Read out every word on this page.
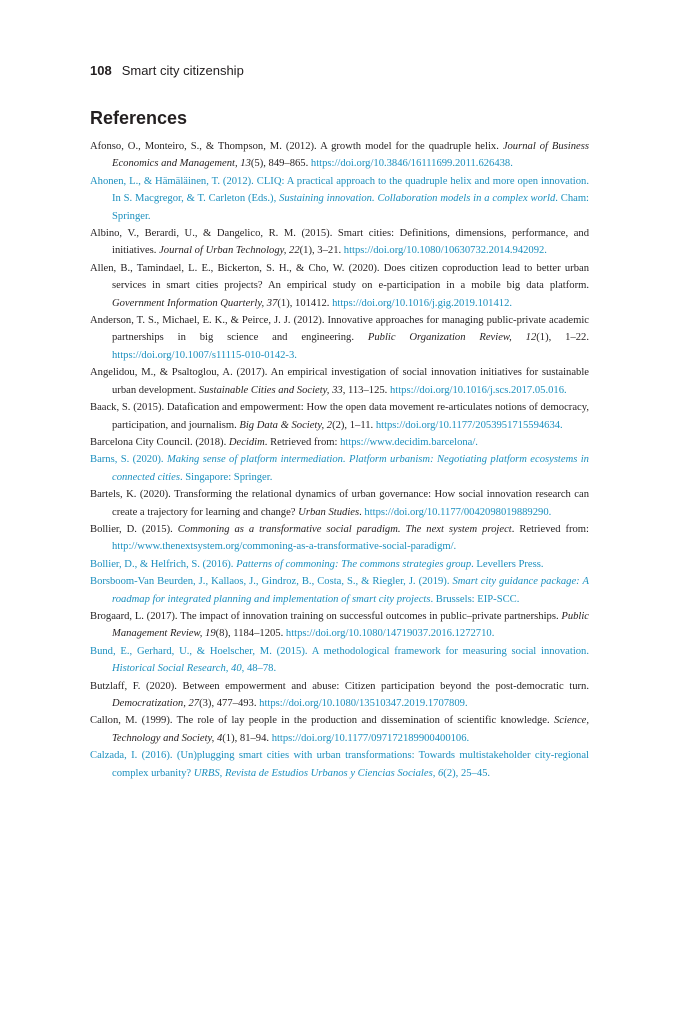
108 Smart city citizenship
References

Afonso, O., Monteiro, S., & Thompson, M. (2012). A growth model for the quadruple helix. Journal of Business Economics and Management, 13(5), 849–865. https://doi.org/10.3846/16111699.2011.626438.

Ahonen, L., & Hämäläinen, T. (2012). CLIQ: A practical approach to the quadruple helix and more open innovation. In S. Macgregor, & T. Carleton (Eds.), Sustaining innovation. Collaboration models in a complex world. Cham: Springer.

Albino, V., Berardi, U., & Dangelico, R. M. (2015). Smart cities: Definitions, dimensions, performance, and initiatives. Journal of Urban Technology, 22(1), 3–21. https://doi.org/10.1080/10630732.2014.942092.

Allen, B., Tamindael, L. E., Bickerton, S. H., & Cho, W. (2020). Does citizen coproduction lead to better urban services in smart cities projects? An empirical study on e-participation in a mobile big data platform. Government Information Quarterly, 37(1), 101412. https://doi.org/10.1016/j.gig.2019.101412.

Anderson, T. S., Michael, E. K., & Peirce, J. J. (2012). Innovative approaches for managing public-private academic partnerships in big science and engineering. Public Organization Review, 12(1), 1–22. https://doi.org/10.1007/s11115-010-0142-3.

Angelidou, M., & Psaltoglou, A. (2017). An empirical investigation of social innovation initiatives for sustainable urban development. Sustainable Cities and Society, 33, 113–125. https://doi.org/10.1016/j.scs.2017.05.016.

Baack, S. (2015). Datafication and empowerment: How the open data movement re-articulates notions of democracy, participation, and journalism. Big Data & Society, 2(2), 1–11. https://doi.org/10.1177/2053951715594634.

Barcelona City Council. (2018). Decidim. Retrieved from: https://www.decidim.barcelona/.

Barns, S. (2020). Making sense of platform intermediation. Platform urbanism: Negotiating platform ecosystems in connected cities. Singapore: Springer.

Bartels, K. (2020). Transforming the relational dynamics of urban governance: How social innovation research can create a trajectory for learning and change? Urban Studies. https://doi.org/10.1177/0042098019889290.

Bollier, D. (2015). Commoning as a transformative social paradigm. The next system project. Retrieved from: http://www.thenextsystem.org/commoning-as-a-transformative-social-paradigm/.

Bollier, D., & Helfrich, S. (2016). Patterns of commoning: The commons strategies group. Levellers Press.

Borsboom-Van Beurden, J., Kallaos, J., Gindroz, B., Costa, S., & Riegler, J. (2019). Smart city guidance package: A roadmap for integrated planning and implementation of smart city projects. Brussels: EIP-SCC.

Brogaard, L. (2017). The impact of innovation training on successful outcomes in public–private partnerships. Public Management Review, 19(8), 1184–1205. https://doi.org/10.1080/14719037.2016.1272710.

Bund, E., Gerhard, U., & Hoelscher, M. (2015). A methodological framework for measuring social innovation. Historical Social Research, 40, 48–78.

Butzlaff, F. (2020). Between empowerment and abuse: Citizen participation beyond the post-democratic turn. Democratization, 27(3), 477–493. https://doi.org/10.1080/13510347.2019.1707809.

Callon, M. (1999). The role of lay people in the production and dissemination of scientific knowledge. Science, Technology and Society, 4(1), 81–94. https://doi.org/10.1177/097172189900400106.

Calzada, I. (2016). (Un)plugging smart cities with urban transformations: Towards multistakeholder city-regional complex urbanity? URBS, Revista de Estudios Urbanos y Ciencias Sociales, 6(2), 25–45.
